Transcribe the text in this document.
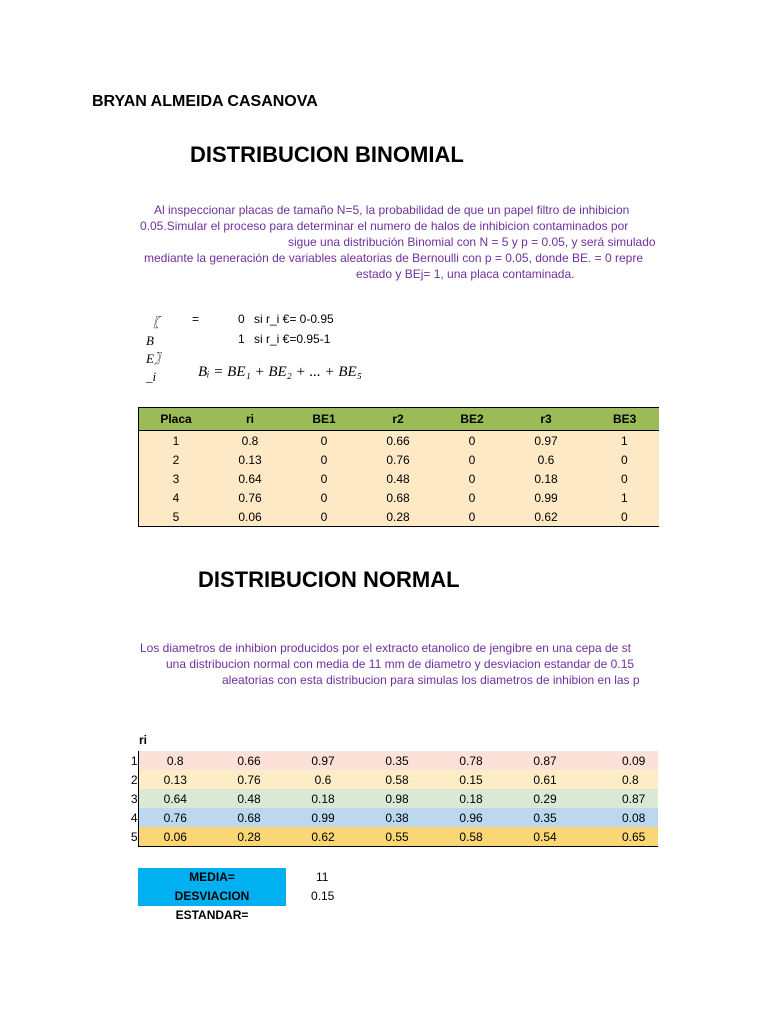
BRYAN ALMEIDA CASANOVA
DISTRIBUCION BINOMIAL
Al inspeccionar placas de tamaño N=5, la probabilidad de que un papel filtro de inhibicion
0.05.Simular el proceso para determinar el numero de halos de inhibicion contaminados por
sigue una distribución Binomial con N = 5 y p = 0.05, y será simulado
mediante la generación de variables aleatorias de Bernoulli con p = 0.05, donde BE. = 0 repre
estado y BEj= 1, una placa contaminada.
〖
B
E〗
_i
=	0 si r_i €= 0-0.95
1 si r_i €=0.95-1
Bᵢ = BE₁ + BE₂ + ... + BE₅
Placa	ri	BE1	r2	BE2	r3	BE3
1	0.8	0	0.66	0	0.97	1
2	0.13	0	0.76	0	0.6	0
3	0.64	0	0.48	0	0.18	0
4	0.76	0	0.68	0	0.99	1
5	0.06	0	0.28	0	0.62	0
DISTRIBUCION NORMAL
Los diametros de inhibion producidos por el extracto etanolico de jengibre en una cepa de st
una distribucion normal con media de 11 mm de diametro y desviacion estandar de 0.15
aleatorias con esta distribucion para simulas los diametros de inhibion en las p
ri
1	0.8	0.66	0.97	0.35	0.78	0.87	0.09
2	0.13	0.76	0.6	0.58	0.15	0.61	0.8
3	0.64	0.48	0.18	0.98	0.18	0.29	0.87
4	0.76	0.68	0.99	0.38	0.96	0.35	0.08
5	0.06	0.28	0.62	0.55	0.58	0.54	0.65
MEDIA=	11
DESVIACION ESTANDAR=
0.15
